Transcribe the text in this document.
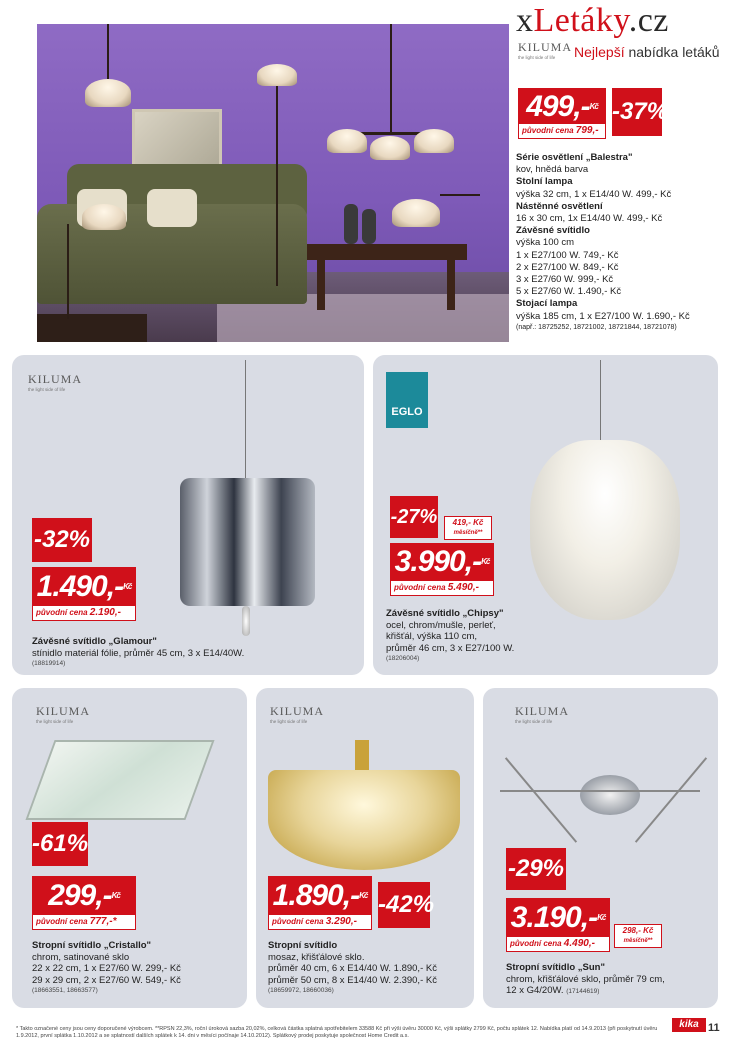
xLetáky.cz
Nejlepší nabídka letáků
KILUMA
the light side of life
499,-$^{Kč}$
původní cena 799,-
-37%
Série osvětlení „Balestra"
kov, hnědá barva
Stolní lampa
výška 32 cm, 1 x E14/40 W. 499,- Kč
Nástěnné osvětlení
16 x 30 cm, 1x E14/40 W. 499,- Kč
Závěsné svítidlo
výška 100 cm
1 x E27/100 W. 749,- Kč
2 x E27/100 W. 849,- Kč
3 x E27/60 W. 999,- Kč
5 x E27/60 W. 1.490,- Kč
Stojací lampa
výška 185 cm, 1 x E27/100 W. 1.690,- Kč
(např.: 18725252, 18721002, 18721844, 18721078)
KILUMA
the light side of life
-32%
1.490,-$^{Kč}$
původní cena 2.190,-
Závěsné svítidlo „Glamour"
stínidlo materiál fólie, průměr 45 cm, 3 x E14/40W.
(18819914)
EGLO
-27%	419,- Kč
měsíčně**
3.990,-$^{Kč}$
původní cena 5.490,-
Závěsné svítidlo „Chipsy"
ocel, chrom/mušle, perleť,
křišťál, výška 110 cm,
průměr 46 cm, 3 x E27/100 W.
(18206004)
KILUMA
the light side of life
-61%
299,-$^{Kč}$
původní cena 777,-*
Stropní svítidlo „Cristallo"
chrom, satinované sklo
22 x 22 cm, 1 x E27/60 W. 299,- Kč
29 x 29 cm, 2 x E27/60 W. 549,- Kč
(18663551, 18663577)
KILUMA
the light side of life
1.890,-$^{Kč}$
původní cena 3.290,-
-42%
Stropní svítidlo
mosaz, křišťálové sklo.
průměr 40 cm, 6 x E14/40 W. 1.890,- Kč
průměr 50 cm, 8 x E14/40 W. 2.390,- Kč
(18659972, 18660036)
KILUMA
the light side of life
-29%
3.190,-$^{Kč}$
původní cena 4.490,-
298,- Kč
měsíčně**
Stropní svítidlo „Sun"
chrom, křišťálové sklo, průměr 79 cm,
12 x G4/20W. (17144619)
* Takto označené ceny jsou ceny doporučené výrobcem. **RPSN 22,3%, roční úroková sazba 20,02%, celková částka splatná spotřebitelem 33588 Kč při výši úvěru 30000 Kč, výši splátky 2799 Kč, počtu splátek 12. Nabídka platí od 14.9.2013 (při poskytnutí úvěru 1.9.2012, první splátka 1.10.2012 a se splatností dalších splátek k 14. dni v měsíci počínaje 14.10.2012). Splátkový prodej poskytuje společnost Home Credit a.s.
kika 11
